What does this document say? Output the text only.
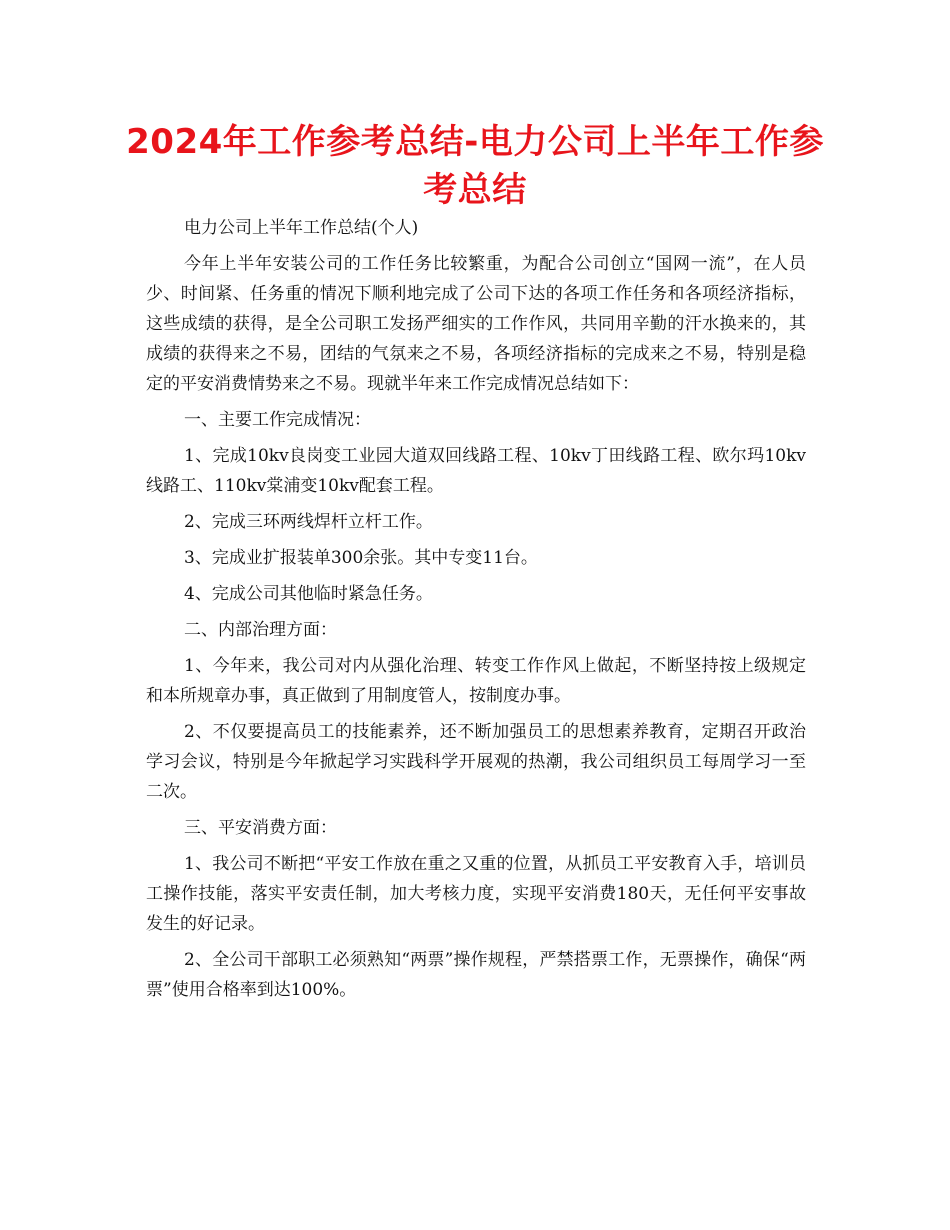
2024年工作参考总结-电力公司上半年工作参考总结

电力公司上半年工作总结(个人)

今年上半年安装公司的工作任务比较繁重，为配合公司创立“国网一流”，在人员少、时间紧、任务重的情况下顺利地完成了公司下达的各项工作任务和各项经济指标，这些成绩的获得，是全公司职工发扬严细实的工作作风，共同用辛勤的汗水换来的，其成绩的获得来之不易，团结的气氛来之不易，各项经济指标的完成来之不易，特别是稳定的平安消费情势来之不易。现就半年来工作完成情况总结如下：

一、主要工作完成情况：

1、完成10kv良岗变工业园大道双回线路工程、10kv丁田线路工程、欧尔玛10kv线路工、110kv棠浦变10kv配套工程。

2、完成三环两线焊杆立杆工作。

3、完成业扩报装单300余张。其中专变11台。

4、完成公司其他临时紧急任务。

二、内部治理方面：

1、今年来，我公司对内从强化治理、转变工作作风上做起，不断坚持按上级规定和本所规章办事，真正做到了用制度管人，按制度办事。

2、不仅要提高员工的技能素养，还不断加强员工的思想素养教育，定期召开政治学习会议，特别是今年掀起学习实践科学开展观的热潮，我公司组织员工每周学习一至二次。

三、平安消费方面：

1、我公司不断把“平安工作放在重之又重的位置，从抓员工平安教育入手，培训员工操作技能，落实平安责任制，加大考核力度，实现平安消费180天，无任何平安事故发生的好记录。

2、全公司干部职工必须熟知“两票”操作规程，严禁搭票工作，无票操作，确保“两票”使用合格率到达100%。
